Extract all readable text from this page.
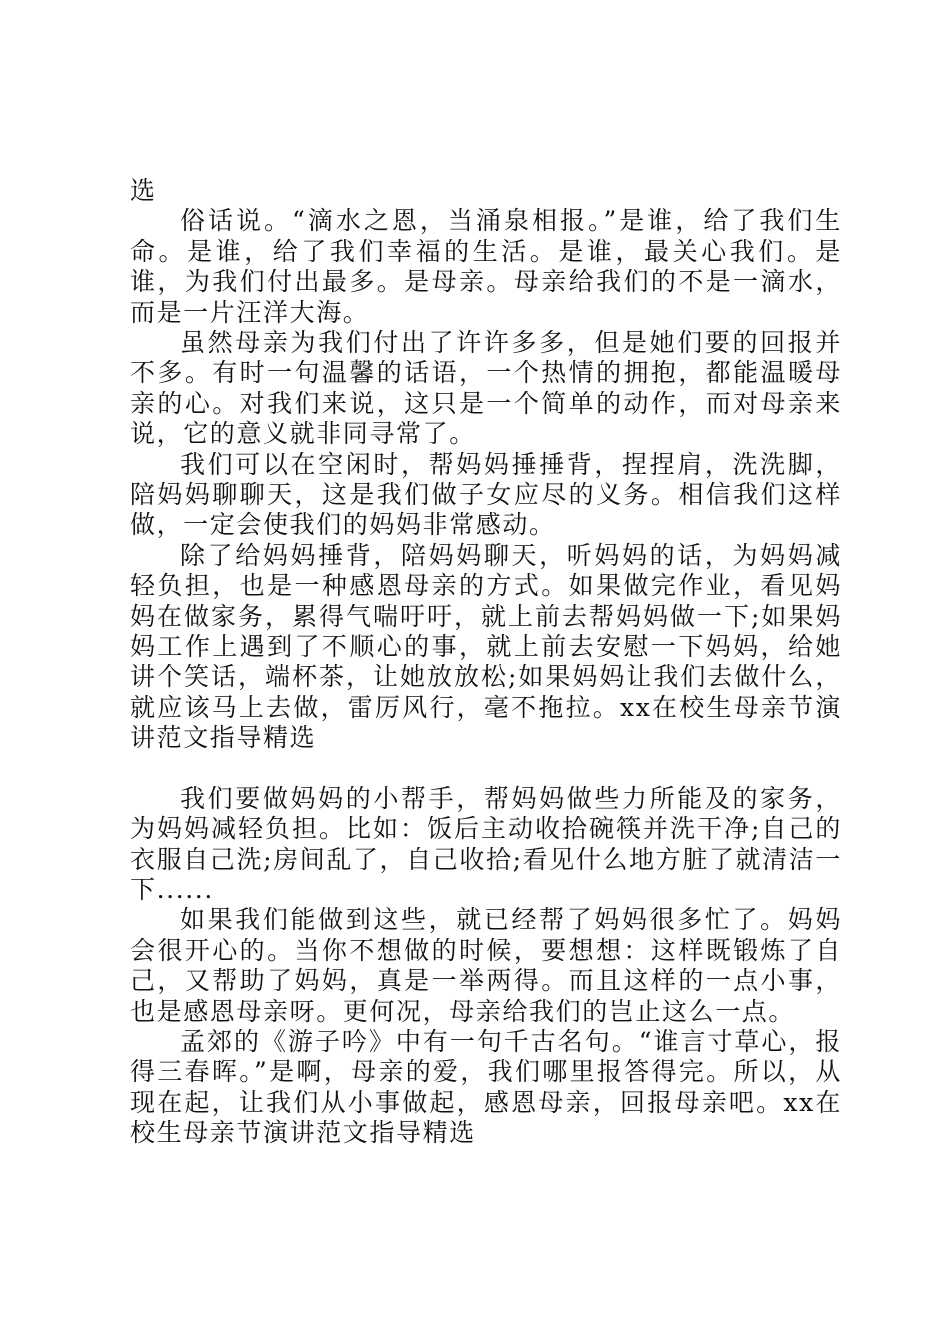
选

俗话说。“滴水之恩，当涌泉相报。”是谁，给了我们生命。是谁，给了我们幸福的生活。是谁，最关心我们。是谁，为我们付出最多。是母亲。母亲给我们的不是一滴水，而是一片汪洋大海。

虽然母亲为我们付出了许许多多，但是她们要的回报并不多。有时一句温馨的话语，一个热情的拥抱，都能温暖母亲的心。对我们来说，这只是一个简单的动作，而对母亲来说，它的意义就非同寻常了。

我们可以在空闲时，帮妈妈捶捶背，捏捏肩，洗洗脚，陪妈妈聊聊天，这是我们做子女应尽的义务。相信我们这样做，一定会使我们的妈妈非常感动。

除了给妈妈捶背，陪妈妈聊天，听妈妈的话，为妈妈减轻负担，也是一种感恩母亲的方式。如果做完作业，看见妈妈在做家务，累得气喘吁吁，就上前去帮妈妈做一下;如果妈妈工作上遇到了不顺心的事，就上前去安慰一下妈妈，给她讲个笑话，端杯茶，让她放放松;如果妈妈让我们去做什么，就应该马上去做，雷厉风行，毫不拖拉。xx在校生母亲节演讲范文指导精选

我们要做妈妈的小帮手，帮妈妈做些力所能及的家务，为妈妈减轻负担。比如：饭后主动收拾碗筷并洗干净;自己的衣服自己洗;房间乱了，自己收拾;看见什么地方脏了就清洁一下......

如果我们能做到这些，就已经帮了妈妈很多忙了。妈妈会很开心的。当你不想做的时候，要想想：这样既锻炼了自己，又帮助了妈妈，真是一举两得。而且这样的一点小事，也是感恩母亲呀。更何况，母亲给我们的岂止这么一点。

孟郊的《游子吟》中有一句千古名句。“谁言寸草心，报得三春晖。”是啊，母亲的爱，我们哪里报答得完。所以，从现在起，让我们从小事做起，感恩母亲，回报母亲吧。xx在校生母亲节演讲范文指导精选
